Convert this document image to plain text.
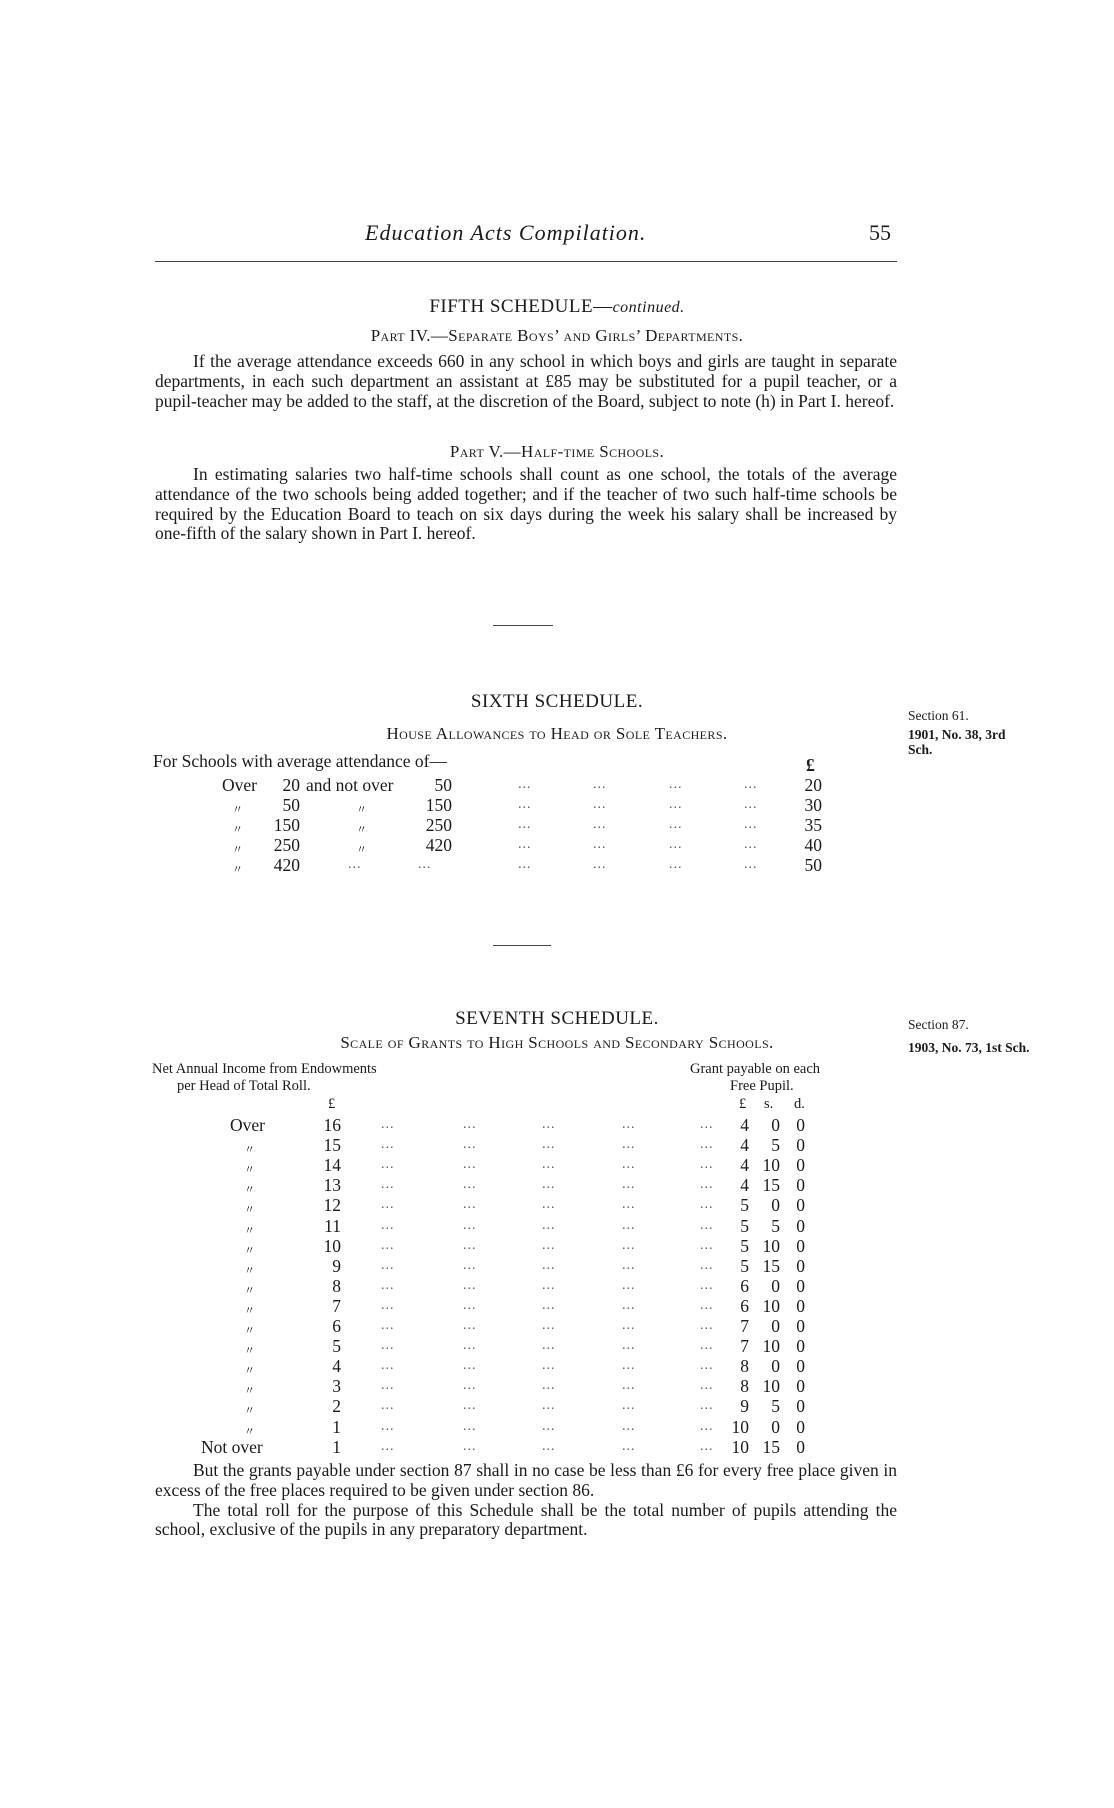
Education Acts Compilation.	55
FIFTH SCHEDULE—continued.
Part IV.—Separate Boys’ and Girls’ Departments.

If the average attendance exceeds 660 in any school in which boys and girls are taught in separate departments, in each such department an assistant at £85 may be substituted for a pupil teacher, or a pupil-teacher may be added to the staff, at the discretion of the Board, subject to note (h) in Part I. hereof.

Part V.—Half-time Schools.

In estimating salaries two half-time schools shall count as one school, the totals of the average attendance of the two schools being added together; and if the teacher of two such half-time schools be required by the Education Board to teach on six days during the week his salary shall be increased by one-fifth of the salary shown in Part I. hereof.

SIXTH SCHEDULE.
House Allowances to Head or Sole Teachers.
Section 61.
1901, No. 38, 3rd
Sch.
For Schools with average attendance of—	£
Over 20 and not over 50	...	...	...	...	20
〃 50	〃	150	...	...	...	...	30
〃 150	〃	250	...	...	...	...	35
〃 250	〃	420	...	...	...	...	40
〃 420	...	...	...	...	...	...	50
SEVENTH SCHEDULE.
Scale of Grants to High Schools and Secondary Schools.
Section 87.
1903, No. 73, 1st Sch.
Net Annual Income from Endowments
per Head of Total Roll.
Grant payable on each
Free Pupil.
£	£ s. d.
Over	16	...	...	...	...	... 4 0 0
〃	15	...	...	...	...	... 4 5 0
〃	14	...	...	...	...	... 4 10 0
〃	13	...	...	...	...	... 4 15 0
〃	12	...	...	...	...	... 5 0 0
〃	11	...	...	...	...	... 5 5 0
〃	10	...	...	...	...	... 5 10 0
〃	9	...	...	...	...	... 5 15 0
〃	8	...	...	...	...	... 6 0 0
〃	7	...	...	...	...	... 6 10 0
〃	6	...	...	...	...	... 7 0 0
〃	5	...	...	...	...	... 7 10 0
〃	4	...	...	...	...	... 8 0 0
〃	3	...	...	...	...	... 8 10 0
〃	2	...	...	...	...	... 9 5 0
〃	1	...	...	...	...	... 10 0 0
Not over	1	...	...	...	...	... 10 15 0

But the grants payable under section 87 shall in no case be less than £6 for every free place given in excess of the free places required to be given under section 86.

The total roll for the purpose of this Schedule shall be the total number of pupils attending the school, exclusive of the pupils in any preparatory department.
